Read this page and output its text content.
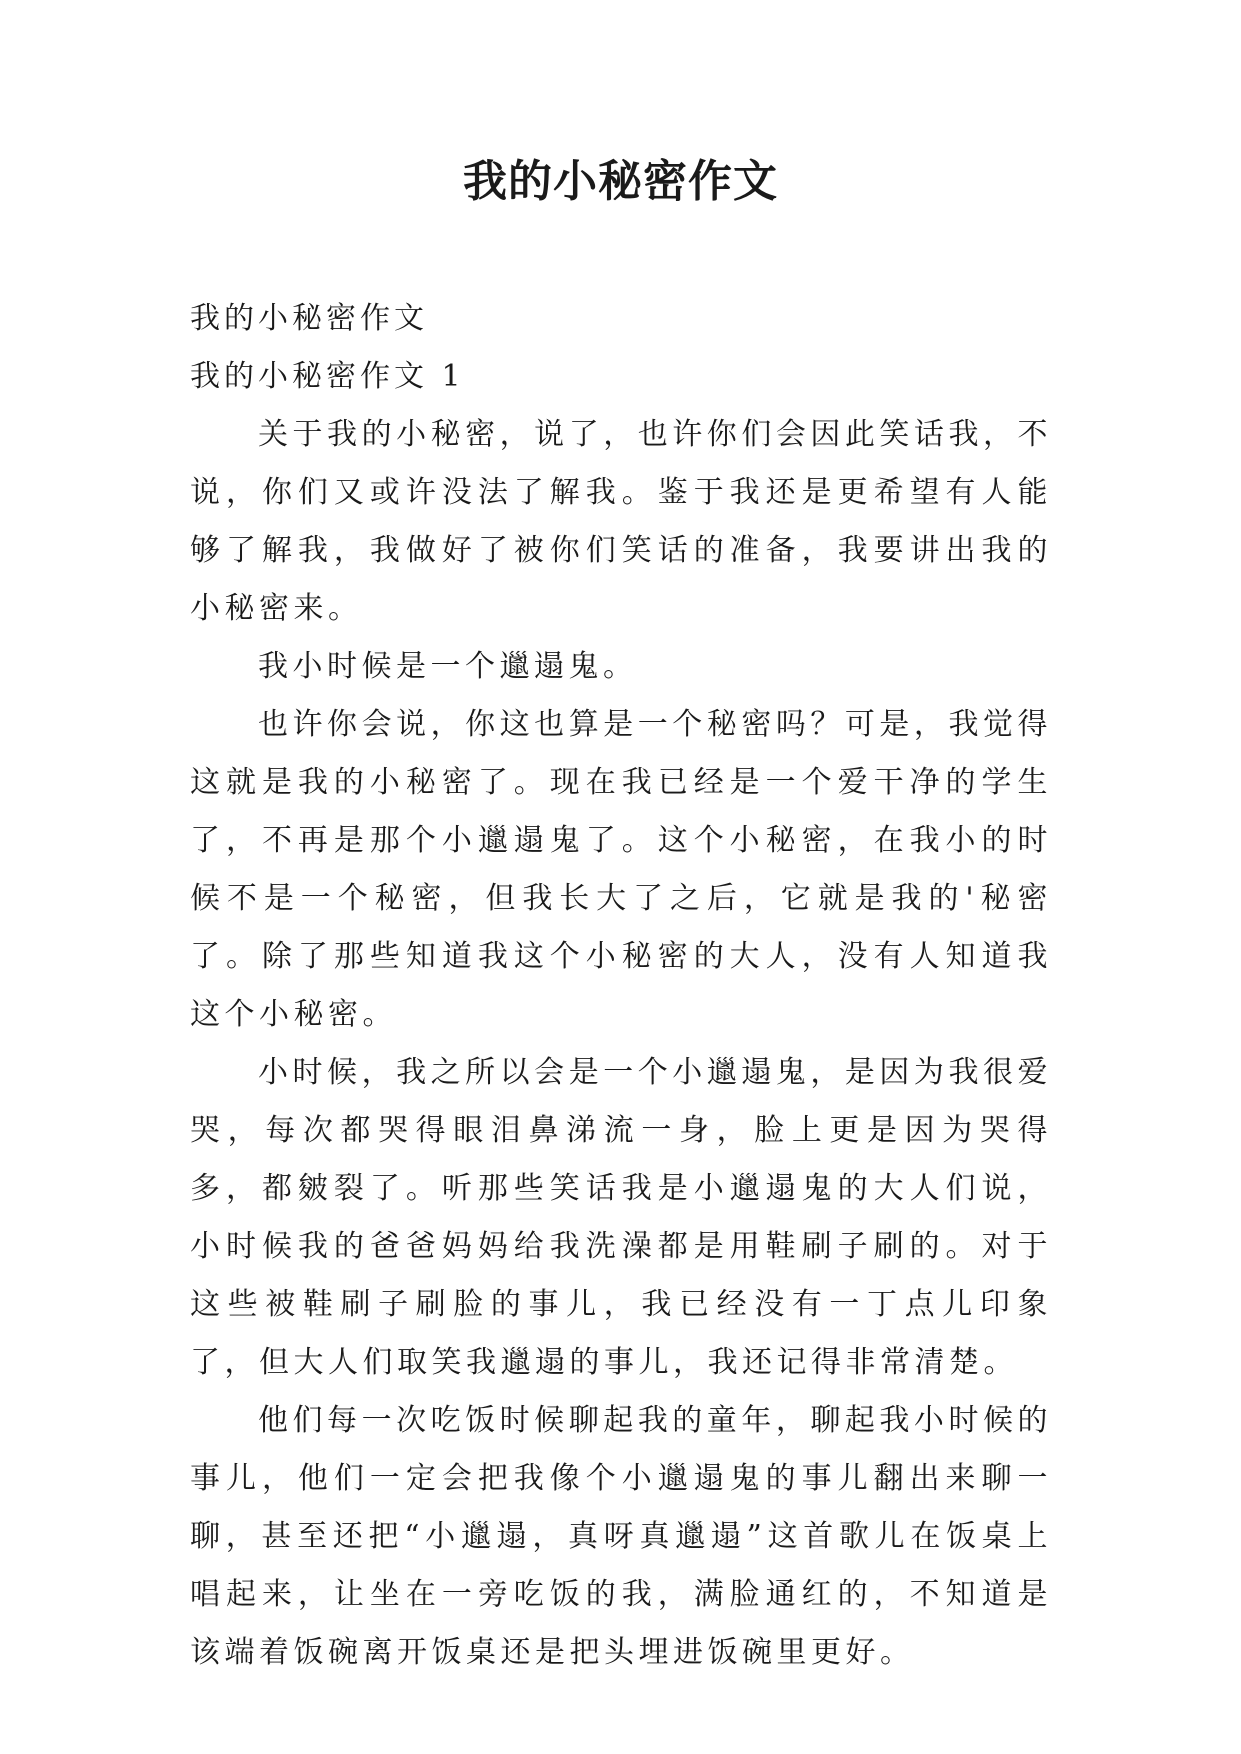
我的小秘密作文

我的小秘密作文

我的小秘密作文 1

关于我的小秘密，说了，也许你们会因此笑话我，不说，你们又或许没法了解我。鉴于我还是更希望有人能够了解我，我做好了被你们笑话的准备，我要讲出我的小秘密来。

我小时候是一个邋遢鬼。

也许你会说，你这也算是一个秘密吗？可是，我觉得这就是我的小秘密了。现在我已经是一个爱干净的学生了，不再是那个小邋遢鬼了。这个小秘密，在我小的时候不是一个秘密，但我长大了之后，它就是我的'秘密了。除了那些知道我这个小秘密的大人，没有人知道我这个小秘密。

小时候，我之所以会是一个小邋遢鬼，是因为我很爱哭，每次都哭得眼泪鼻涕流一身，脸上更是因为哭得多，都皴裂了。听那些笑话我是小邋遢鬼的大人们说，小时候我的爸爸妈妈给我洗澡都是用鞋刷子刷的。对于这些被鞋刷子刷脸的事儿，我已经没有一丁点儿印象了，但大人们取笑我邋遢的事儿，我还记得非常清楚。

他们每一次吃饭时候聊起我的童年，聊起我小时候的事儿，他们一定会把我像个小邋遢鬼的事儿翻出来聊一聊，甚至还把“小邋遢，真呀真邋遢”这首歌儿在饭桌上唱起来，让坐在一旁吃饭的我，满脸通红的，不知道是该端着饭碗离开饭桌还是把头埋进饭碗里更好。
